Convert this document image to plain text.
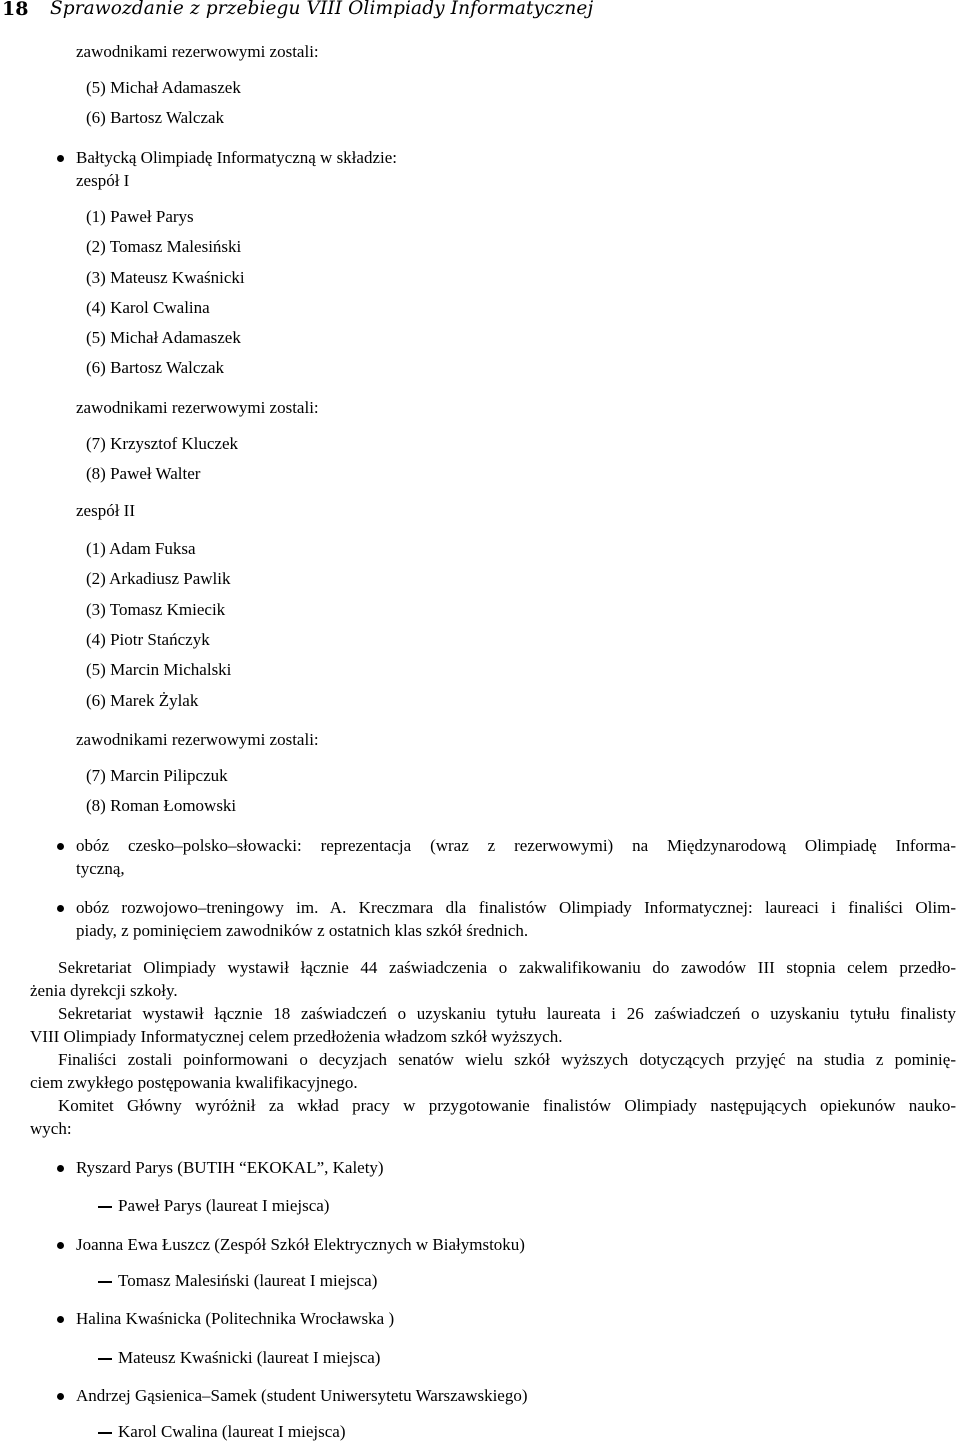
18 Sprawozdanie z przebiegu VIII Olimpiady Informatycznej
zawodnikami rezerwowymi zostali:
(5) Michał Adamaszek
(6) Bartosz Walczak
Bałtycką Olimpiadę Informatyczną w składzie:
zespół I
(1) Paweł Parys
(2) Tomasz Malesiński
(3) Mateusz Kwaśnicki
(4) Karol Cwalina
(5) Michał Adamaszek
(6) Bartosz Walczak
zawodnikami rezerwowymi zostali:
(7) Krzysztof Kluczek
(8) Paweł Walter
zespół II
(1) Adam Fuksa
(2) Arkadiusz Pawlik
(3) Tomasz Kmiecik
(4) Piotr Stańczyk
(5) Marcin Michalski
(6) Marek Żylak
zawodnikami rezerwowymi zostali:
(7) Marcin Pilipczuk
(8) Roman Łomowski
obóz czesko–polsko–słowacki: reprezentacja (wraz z rezerwowymi) na Międzynarodową Olimpiadę Informa-
tyczną,
obóz rozwojowo–treningowy im. A. Kreczmara dla finalistów Olimpiady Informatycznej: laureaci i finaliści Olim-
piady, z pominięciem zawodników z ostatnich klas szkół średnich.
Sekretariat Olimpiady wystawił łącznie 44 zaświadczenia o zakwalifikowaniu do zawodów III stopnia celem przedło-
żenia dyrekcji szkoły.
Sekretariat wystawił łącznie 18 zaświadczeń o uzyskaniu tytułu laureata i 26 zaświadczeń o uzyskaniu tytułu finalisty
VIII Olimpiady Informatycznej celem przedłożenia władzom szkół wyższych.
Finaliści zostali poinformowani o decyzjach senatów wielu szkół wyższych dotyczących przyjęć na studia z pominię-
ciem zwykłego postępowania kwalifikacyjnego.
Komitet Główny wyróżnił za wkład pracy w przygotowanie finalistów Olimpiady następujących opiekunów nauko-
wych:
Ryszard Parys (BUTIH “EKOKAL”, Kalety)
Paweł Parys (laureat I miejsca)
Joanna Ewa Łuszcz (Zespół Szkół Elektrycznych w Białymstoku)
Tomasz Malesiński (laureat I miejsca)
Halina Kwaśnicka (Politechnika Wrocławska )
Mateusz Kwaśnicki (laureat I miejsca)
Andrzej Gąsienica–Samek (student Uniwersytetu Warszawskiego)
Karol Cwalina (laureat I miejsca)
